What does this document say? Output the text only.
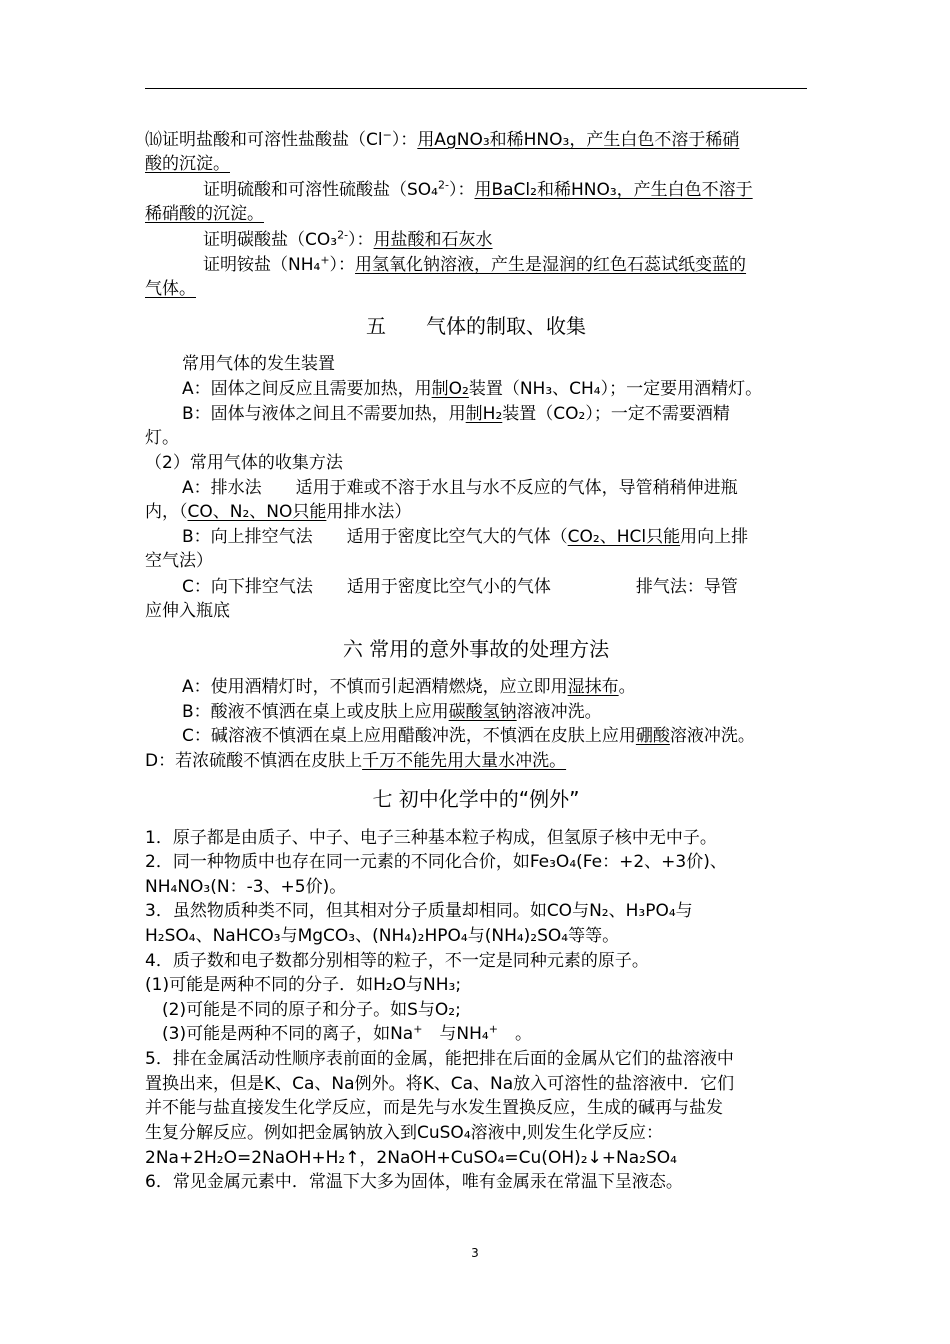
⒃证明盐酸和可溶性盐酸盐（Cl−）：用AgNO₃和稀HNO₃，产生白色不溶于稀硝
酸的沉淀。
证明硫酸和可溶性硫酸盐（SO₄$^{2-}$）：用BaCl₂和稀HNO₃，产生白色不溶于
稀硝酸的沉淀。
证明碳酸盐（CO₃$^{2-}$）：用盐酸和石灰水
证明铵盐（NH₄+）：用氢氧化钠溶液，产生是湿润的红色石蕊试纸变蓝的
气体。
五　　气体的制取、收集
常用气体的发生装置
A：固体之间反应且需要加热，用制O₂装置（NH₃、CH₄）；一定要用酒精灯。
B：固体与液体之间且不需要加热，用制H₂装置（CO₂）；一定不需要酒精
灯。
（2）常用气体的收集方法
A：排水法　　适用于难或不溶于水且与水不反应的气体，导管稍稍伸进瓶
内，（CO、N₂、NO只能用排水法）
B：向上排空气法　　适用于密度比空气大的气体（CO₂、HCl只能用向上排
空气法）
C：向下排空气法　　适用于密度比空气小的气体　　　　　排气法：导管
应伸入瓶底
六 常用的意外事故的处理方法
A：使用酒精灯时，不慎而引起酒精燃烧，应立即用湿抹布。
B：酸液不慎洒在桌上或皮肤上应用碳酸氢钠溶液冲洗。
C：碱溶液不慎洒在桌上应用醋酸冲洗，不慎洒在皮肤上应用硼酸溶液冲洗。
D：若浓硫酸不慎洒在皮肤上千万不能先用大量水冲洗。
七 初中化学中的“例外”
1．原子都是由质子、中子、电子三种基本粒子构成，但氢原子核中无中子。
2．同一种物质中也存在同一元素的不同化合价，如Fe₃O₄(Fe：+2、+3价)、
NH₄NO₃(N：-3、+5价)。
3．虽然物质种类不同，但其相对分子质量却相同。如CO与N₂、H₃PO₄与
H₂SO₄、NaHCO₃与MgCO₃、(NH₄)₂HPO₄与(NH₄)₂SO₄等等。
4．质子数和电子数都分别相等的粒子，不一定是同种元素的原子。
(1)可能是两种不同的分子．如H₂O与NH₃;
(2)可能是不同的原子和分子。如S与O₂;
(3)可能是两种不同的离子，如Na+　与NH₄+　。
5．排在金属活动性顺序表前面的金属，能把排在后面的金属从它们的盐溶液中
置换出来，但是K、Ca、Na例外。将K、Ca、Na放入可溶性的盐溶液中．它们
并不能与盐直接发生化学反应，而是先与水发生置换反应，生成的碱再与盐发
生复分解反应。例如把金属钠放入到CuSO₄溶液中,则发生化学反应：
2Na+2H₂O=2NaOH+H₂↑，2NaOH+CuSO₄=Cu(OH)₂↓+Na₂SO₄
6．常见金属元素中．常温下大多为固体，唯有金属汞在常温下呈液态。
3
